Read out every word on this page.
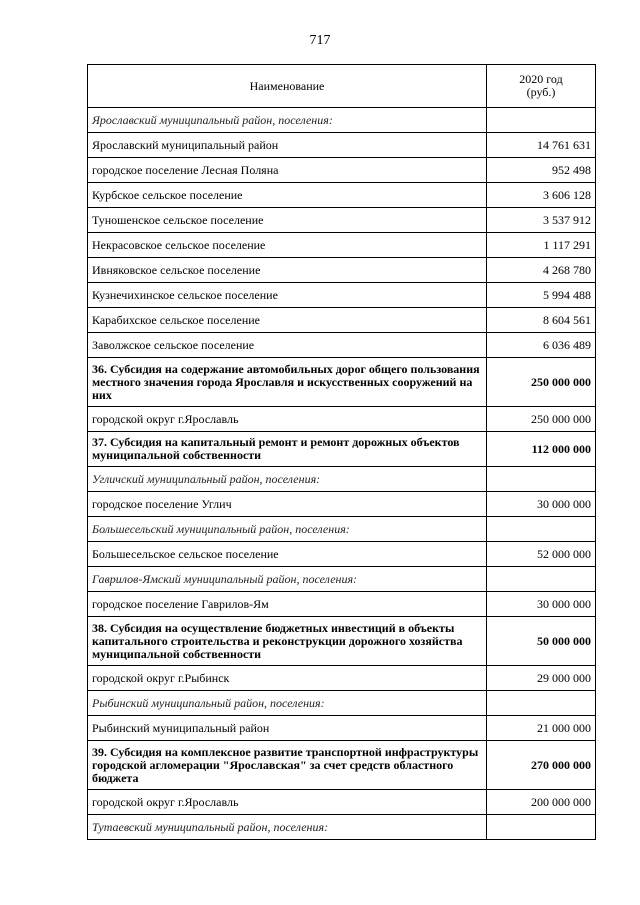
717
Наименование	2020 год
(руб.)
Ярославский муниципальный район, поселения:	
Ярославский муниципальный район	14 761 631
городское поселение Лесная Поляна	952 498
Курбское сельское поселение	3 606 128
Туношенское сельское поселение	3 537 912
Некрасовское сельское поселение	1 117 291
Ивняковское сельское поселение	4 268 780
Кузнечихинское сельское поселение	5 994 488
Карабихское сельское поселение	8 604 561
Заволжское сельское поселение	6 036 489
36. Субсидия на содержание автомобильных дорог общего пользования местного значения города Ярославля и искусственных сооружений на них	250 000 000
городской округ г.Ярославль	250 000 000
37. Субсидия на капитальный ремонт и ремонт дорожных объектов муниципальной собственности	112 000 000
Угличский муниципальный район, поселения:	
городское поселение Углич	30 000 000
Большесельский муниципальный район, поселения:	
Большесельское сельское поселение	52 000 000
Гаврилов-Ямский муниципальный район, поселения:	
городское поселение Гаврилов-Ям	30 000 000
38. Субсидия на осуществление бюджетных инвестиций в объекты капитального строительства и реконструкции дорожного хозяйства муниципальной собственности	50 000 000
городской округ г.Рыбинск	29 000 000
Рыбинский муниципальный район, поселения:	
Рыбинский муниципальный район	21 000 000
39. Субсидия на комплексное развитие транспортной инфраструктуры городской агломерации "Ярославская" за счет средств областного бюджета	270 000 000
городской округ г.Ярославль	200 000 000
Тутаевский муниципальный район, поселения:	
